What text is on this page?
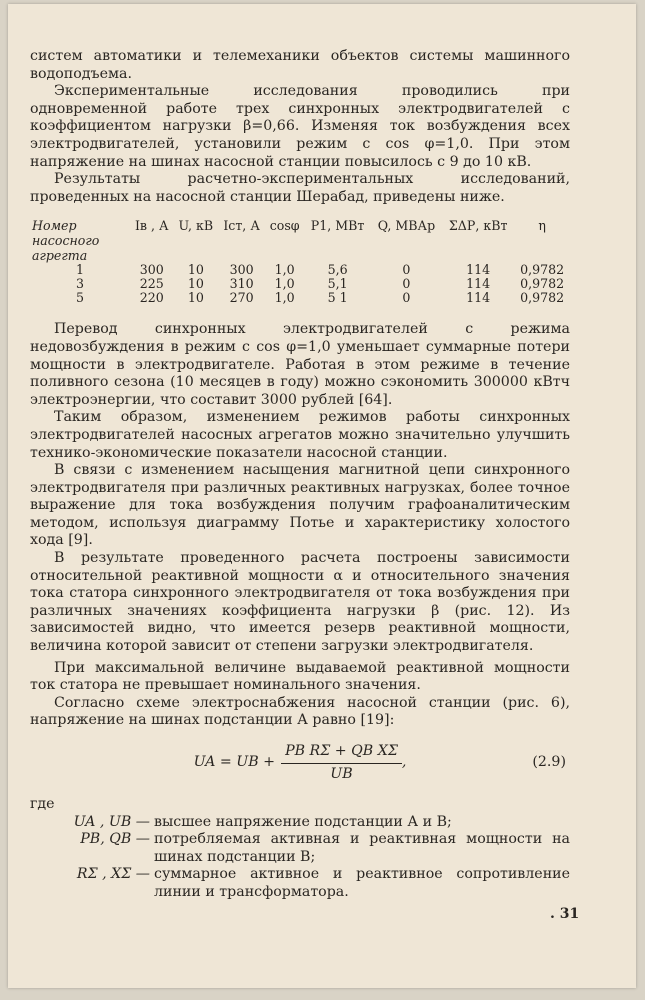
систем автоматики и телемеханики объектов системы машинного водоподъема.

Экспериментальные исследования проводились при одновременной работе трех синхронных электродвигателей с коэффициентом нагрузки β=0,66. Изменяя ток возбуждения всех электродвигателей, установили режим с cos φ=1,0. При этом напряжение на шинах насосной станции повысилось с 9 до 10 кВ.

Результаты расчетно-экспериментальных исследований, проведенных на насосной станции Шерабад, приведены ниже.

Номер насосного агрегта	Iв , А	U, кВ	Iст, А	cosφ	P1, МВт	Q, МВАр	ΣΔР, кВт	η
1	300	10	300	1,0	5,6	0	114	0,9782
3	225	10	310	1,0	5,1	0	114	0,9782
5	220	10	270	1,0	5 1	0	114	0,9782

Перевод синхронных электродвигателей с режима недовозбуждения в режим с cos φ=1,0 уменьшает суммарные потери мощности в электродвигателе. Работая в этом режиме в течение поливного сезона (10 месяцев в году) можно сэкономить 300000 кВтч электроэнергии, что составит 3000 рублей [64].

Таким образом, изменением режимов работы синхронных электродвигателей насосных агрегатов можно значительно улучшить технико-экономические показатели насосной станции.

В связи с изменением насыщения магнитной цепи синхронного электродвигателя при различных реактивных нагрузках, более точное выражение для тока возбуждения получим графоаналитическим методом, используя диаграмму Потье и характеристику холостого хода [9].

В результате проведенного расчета построены зависимости относительной реактивной мощности α и относительного значения тока статора синхронного электродвигателя от тока возбуждения при различных значениях коэффициента нагрузки β (рис. 12). Из зависимостей видно, что имеется резерв реактивной мощности, величина которой зависит от степени загрузки электродвигателя.

При максимальной величине выдаваемой реактивной мощности ток статора не превышает номинального значения.

Согласно схеме электроснабжения насосной станции (рис. 6), напряжение на шинах подстанции А равно [19]:

UA = UB + $\frac{\text{PB RΣ + QB XΣ}}{UB}$ ,	(2.9)
где
UA , UB — высшее напряжение подстанции А и В;
PB, QB — потребляемая активная и реактивная мощности на шинах подстанции В;
RΣ , XΣ — суммарное активное и реактивное сопротивление линии и трансформатора.
. 31
